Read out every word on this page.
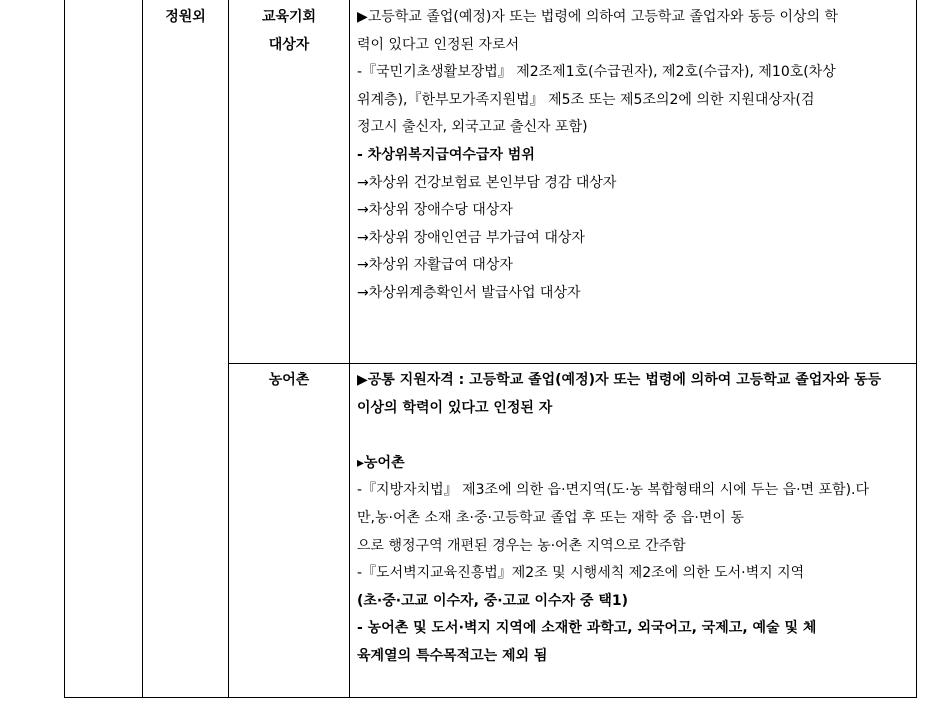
정원외	교육기회
대상자
농어촌
▶고등학교 졸업(예정)자 또는 법령에 의하여 고등학교 졸업자와 동등 이상의 학
력이 있다고 인정된 자로서
-『국민기초생활보장법』 제2조제1호(수급권자), 제2호(수급자), 제10호(차상
위계층),『한부모가족지원법』 제5조 또는 제5조의2에 의한 지원대상자(검
정고시 출신자, 외국고교 출신자 포함)
- 차상위복지급여수급자 범위
→차상위 건강보험료 본인부담 경감 대상자
→차상위 장애수당 대상자
→차상위 장애인연금 부가급여 대상자
→차상위 자활급여 대상자
→차상위계층확인서 발급사업 대상자
▶공통 지원자격 : 고등학교 졸업(예정)자 또는 법령에 의하여 고등학교 졸업자와 동등
이상의 학력이 있다고 인정된 자
▸농어촌
-『지방자치법』 제3조에 의한 읍·면지역(도·농 복합형태의 시에 두는 읍·면 포함).다
만,농·어촌 소재 초·중·고등학교 졸업 후 또는 재학 중 읍·면이 동
으로 행정구역 개편된 경우는 농·어촌 지역으로 간주함
-『도서벽지교육진흥법』제2조 및 시행세칙 제2조에 의한 도서·벽지 지역
(초·중·고교 이수자, 중·고교 이수자 중 택1)
- 농어촌 및 도서·벽지 지역에 소재한 과학고, 외국어고, 국제고, 예술 및 체
육계열의 특수목적고는 제외 됨
